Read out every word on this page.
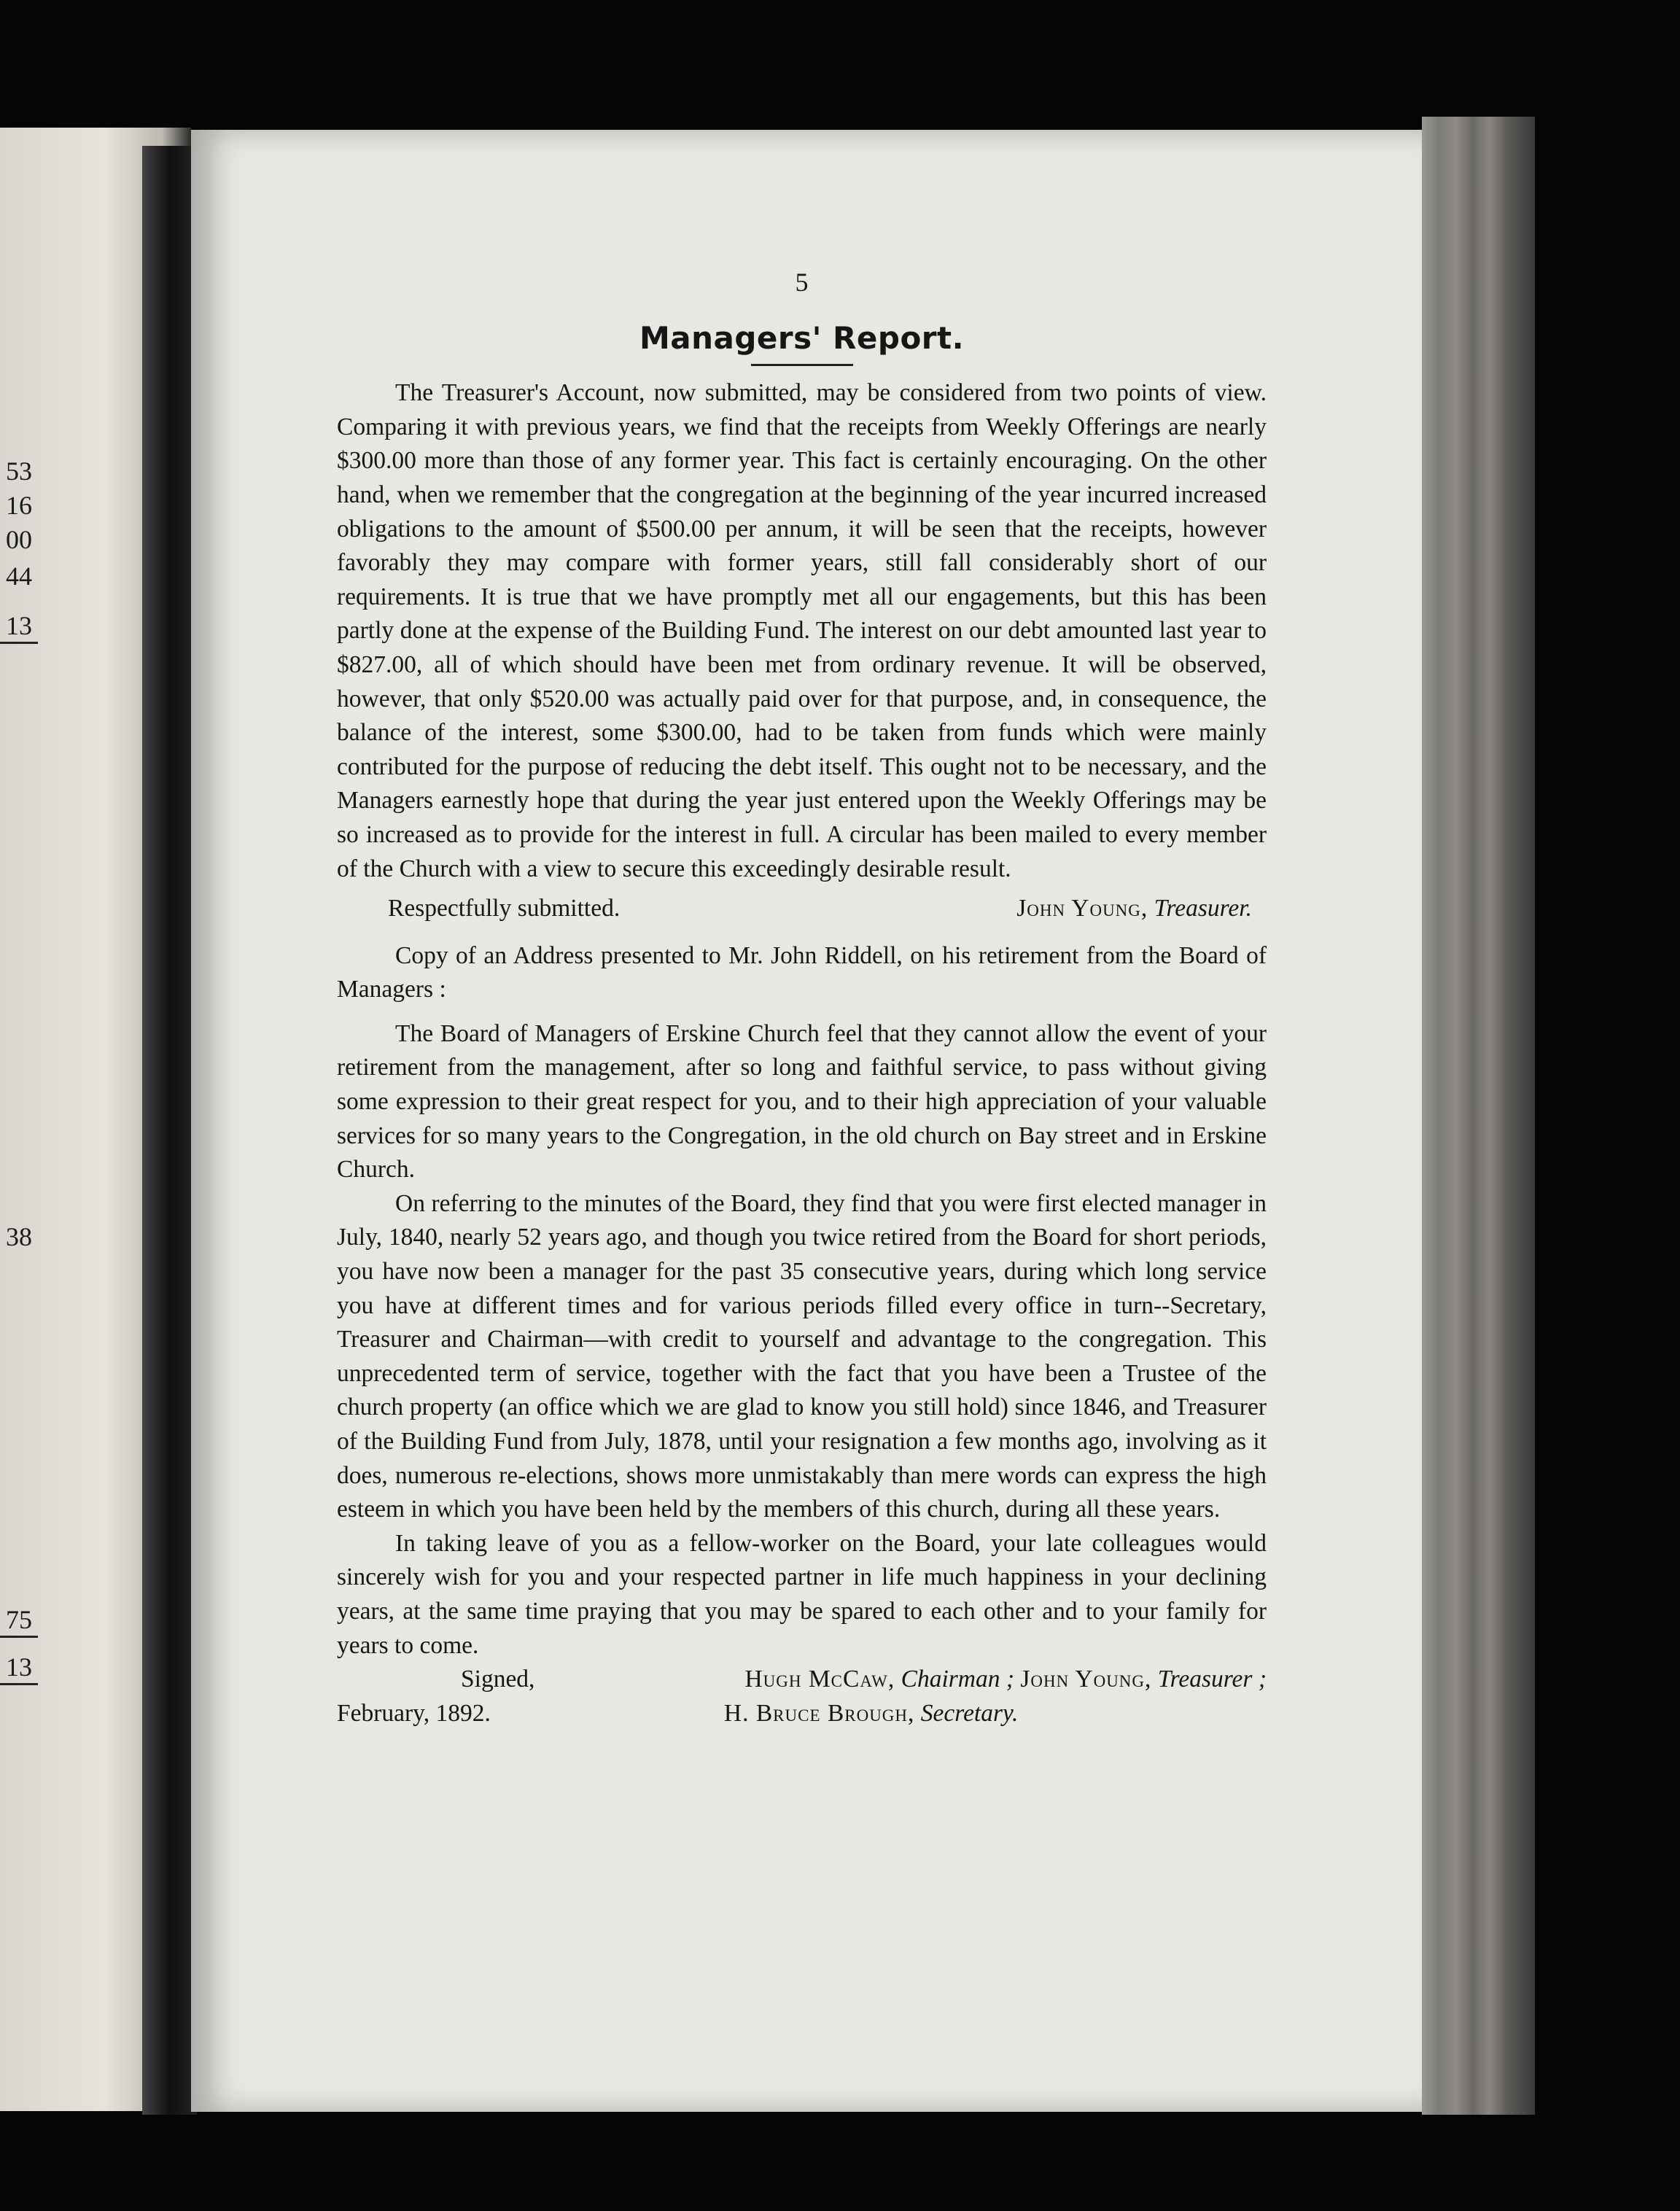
53
16
00
44
13
38
75
13
5
Managers' Report.

The Treasurer's Account, now submitted, may be considered from two points of view. Comparing it with previous years, we find that the receipts from Weekly Offerings are nearly $300.00 more than those of any former year. This fact is certainly encouraging. On the other hand, when we remember that the congregation at the beginning of the year incurred increased obligations to the amount of $500.00 per annum, it will be seen that the receipts, however favorably they may compare with former years, still fall considerably short of our requirements. It is true that we have promptly met all our engagements, but this has been partly done at the expense of the Building Fund. The interest on our debt amounted last year to $827.00, all of which should have been met from ordinary revenue. It will be observed, however, that only $520.00 was actually paid over for that purpose, and, in consequence, the balance of the interest, some $300.00, had to be taken from funds which were mainly contributed for the purpose of reducing the debt itself. This ought not to be necessary, and the Managers earnestly hope that during the year just entered upon the Weekly Offerings may be so increased as to provide for the interest in full. A circular has been mailed to every member of the Church with a view to secure this exceedingly desirable result.

Respectfully submitted.	John Young, Treasurer.

Copy of an Address presented to Mr. John Riddell, on his retirement from the Board of Managers :

The Board of Managers of Erskine Church feel that they cannot allow the event of your retirement from the management, after so long and faithful service, to pass without giving some expression to their great respect for you, and to their high appreciation of your valuable services for so many years to the Congregation, in the old church on Bay street and in Erskine Church.

On referring to the minutes of the Board, they find that you were first elected manager in July, 1840, nearly 52 years ago, and though you twice retired from the Board for short periods, you have now been a manager for the past 35 consecutive years, during which long service you have at different times and for various periods filled every office in turn--Secretary, Treasurer and Chairman—with credit to yourself and advantage to the congregation. This unprecedented term of service, together with the fact that you have been a Trustee of the church property (an office which we are glad to know you still hold) since 1846, and Treasurer of the Building Fund from July, 1878, until your resignation a few months ago, involving as it does, numerous re-elections, shows more unmistakably than mere words can express the high esteem in which you have been held by the members of this church, during all these years.

In taking leave of you as a fellow-worker on the Board, your late colleagues would sincerely wish for you and your respected partner in life much happiness in your declining years, at the same time praying that you may be spared to each other and to your family for years to come.

Signed,	Hugh McCaw, Chairman ; John Young, Treasurer ;
February, 1892.	H. Bruce Brough, Secretary.
